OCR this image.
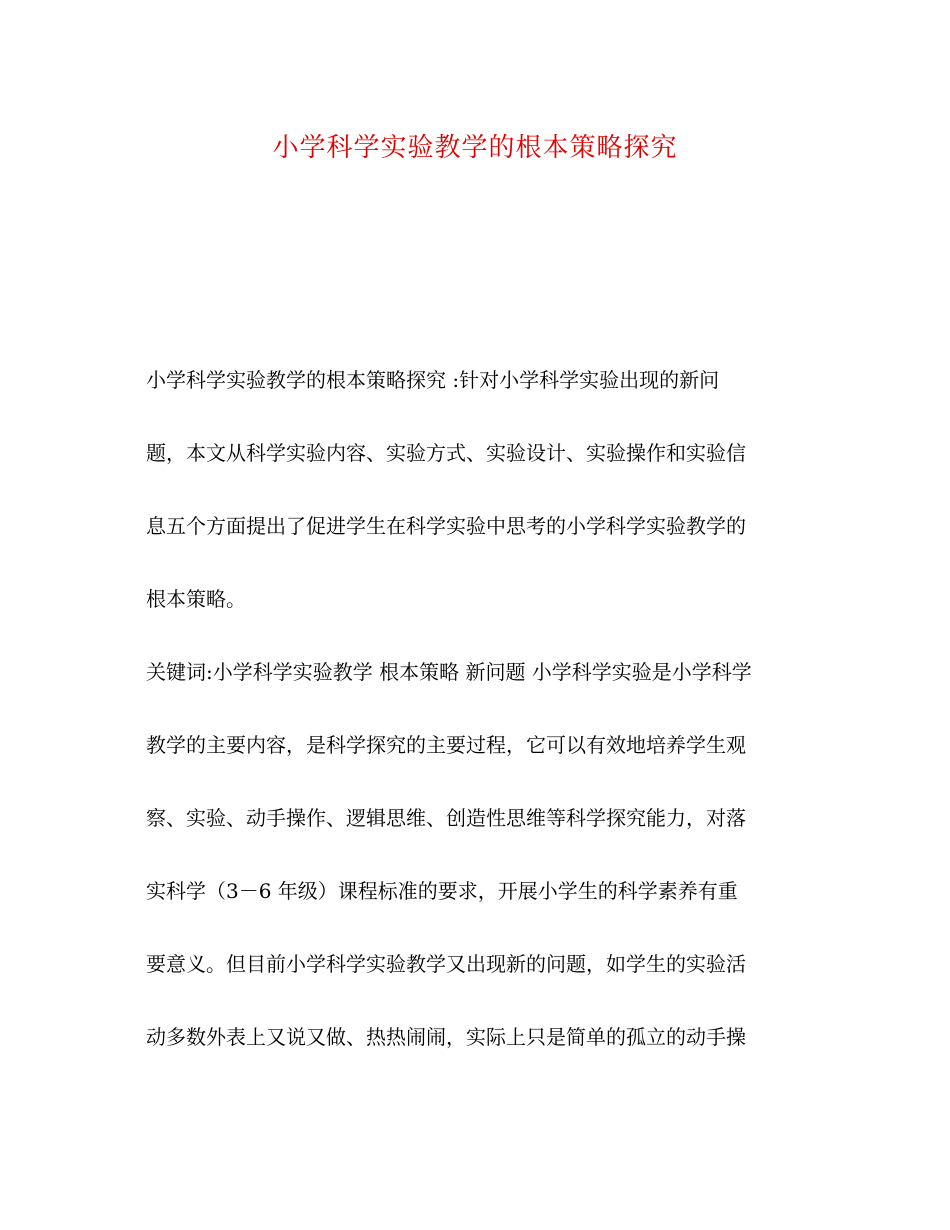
小学科学实验教学的根本策略探究
小学科学实验教学的根本策略探究 :针对小学科学实验出现的新问
题，本文从科学实验内容、实验方式、实验设计、实验操作和实验信
息五个方面提出了促进学生在科学实验中思考的小学科学实验教学的
根本策略。
关键词:小学科学实验教学 根本策略 新问题 小学科学实验是小学科学
教学的主要内容，是科学探究的主要过程，它可以有效地培养学生观
察、实验、动手操作、逻辑思维、创造性思维等科学探究能力，对落
实科学（3－6 年级）课程标准的要求，开展小学生的科学素养有重
要意义。但目前小学科学实验教学又出现新的问题，如学生的实验活
动多数外表上又说又做、热热闹闹，实际上只是简单的孤立的动手操
